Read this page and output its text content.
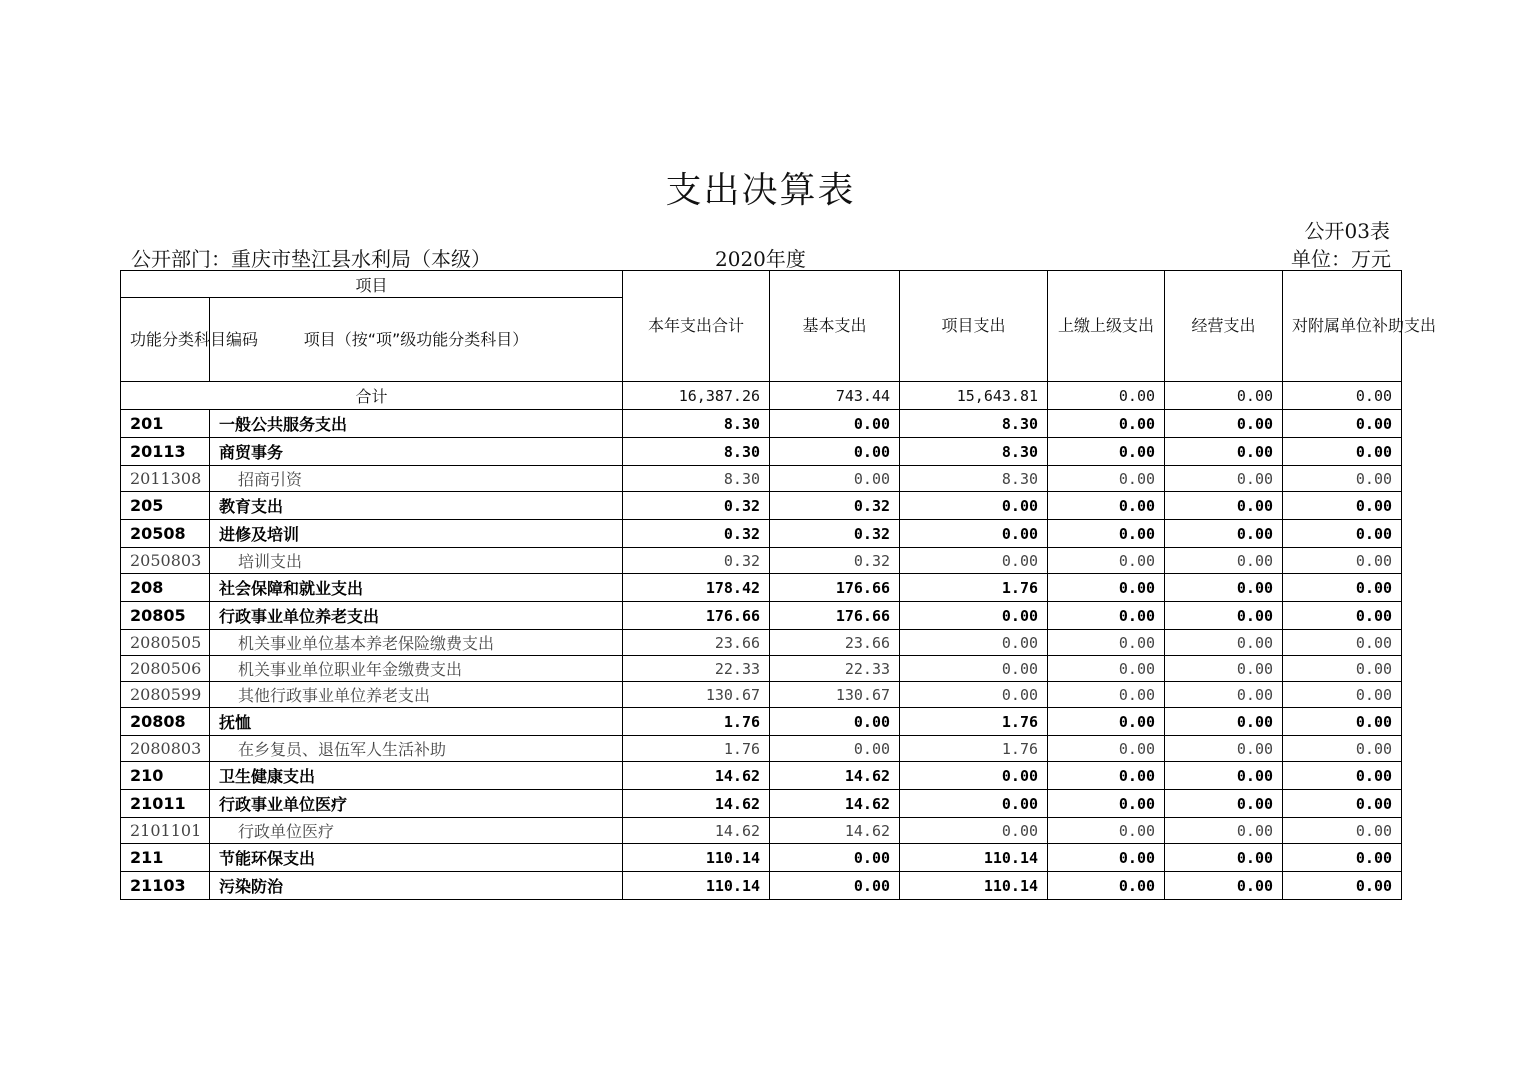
支出决算表
公开03表
公开部门：重庆市垫江县水利局（本级）	2020年度	单位：万元
项目		本年支出合计	基本支出	项目支出	上缴上级支出	经营支出	对附属单位补助支出
功能分类科目编码	项目（按“项”级功能分类科目）						
合计		16,387.26	743.44	15,643.81	0.00	0.00	0.00
201	一般公共服务支出	8.30	0.00	8.30	0.00	0.00	0.00
20113	商贸事务	8.30	0.00	8.30	0.00	0.00	0.00
2011308	招商引资	8.30	0.00	8.30	0.00	0.00	0.00
205	教育支出	0.32	0.32	0.00	0.00	0.00	0.00
20508	进修及培训	0.32	0.32	0.00	0.00	0.00	0.00
2050803	培训支出	0.32	0.32	0.00	0.00	0.00	0.00
208	社会保障和就业支出	178.42	176.66	1.76	0.00	0.00	0.00
20805	行政事业单位养老支出	176.66	176.66	0.00	0.00	0.00	0.00
2080505	机关事业单位基本养老保险缴费支出	23.66	23.66	0.00	0.00	0.00	0.00
2080506	机关事业单位职业年金缴费支出	22.33	22.33	0.00	0.00	0.00	0.00
2080599	其他行政事业单位养老支出	130.67	130.67	0.00	0.00	0.00	0.00
20808	抚恤	1.76	0.00	1.76	0.00	0.00	0.00
2080803	在乡复员、退伍军人生活补助	1.76	0.00	1.76	0.00	0.00	0.00
210	卫生健康支出	14.62	14.62	0.00	0.00	0.00	0.00
21011	行政事业单位医疗	14.62	14.62	0.00	0.00	0.00	0.00
2101101	行政单位医疗	14.62	14.62	0.00	0.00	0.00	0.00
211	节能环保支出	110.14	0.00	110.14	0.00	0.00	0.00
21103	污染防治	110.14	0.00	110.14	0.00	0.00	0.00
